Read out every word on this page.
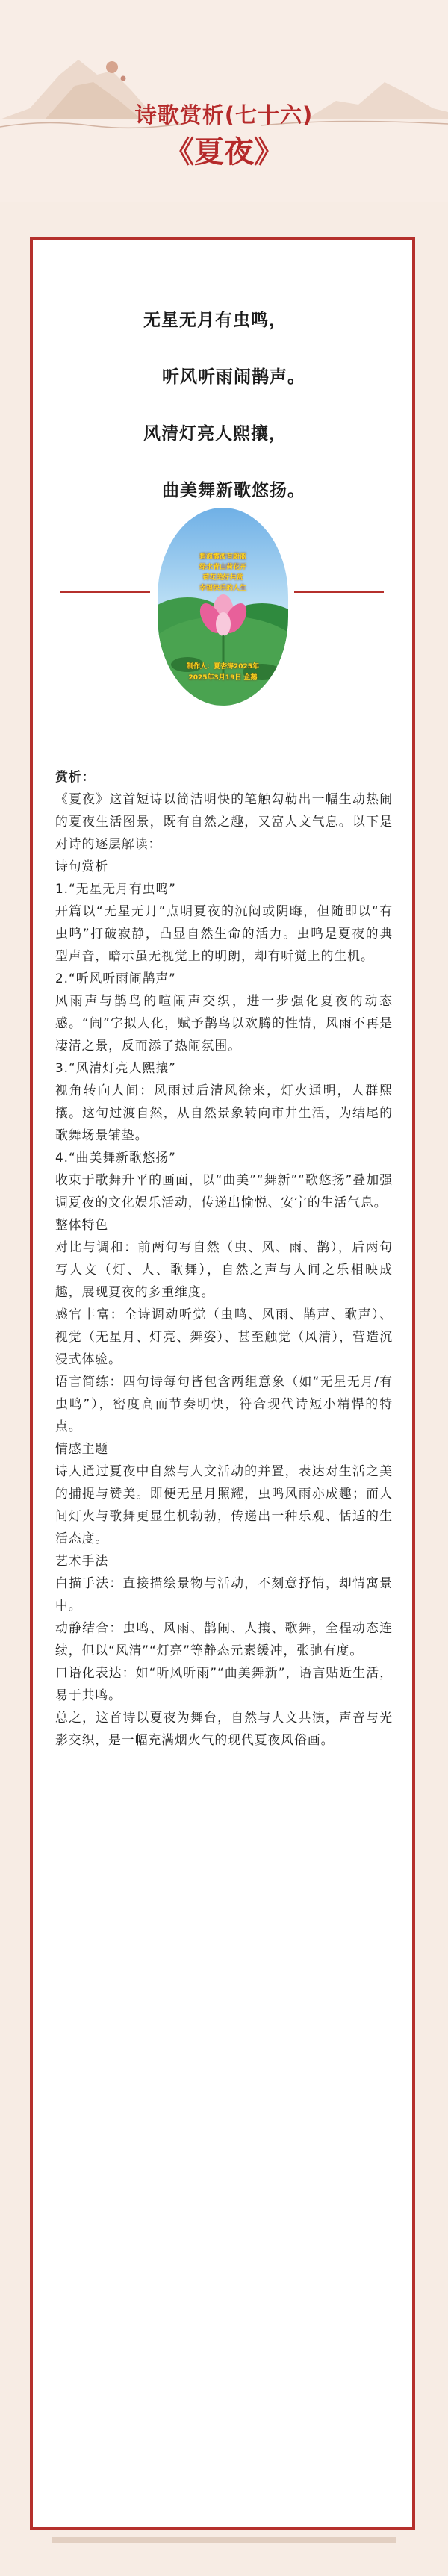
诗歌赏析(七十六)
《夏夜》
无星无月有虫鸣，
听风听雨闹鹊声。
风清灯亮人熙攘，
曲美舞新歌悠扬。
碧海霞波有蔚蓝
绿水青山荷花开
荷花美好共赏
幸福快乐的人生
制作人：夏杏涛2025年
2025年3月19日 企鹅

赏析：

《夏夜》这首短诗以简洁明快的笔触勾勒出一幅生动热闹的夏夜生活图景，既有自然之趣，又富人文气息。以下是对诗的逐层解读：

诗句赏析

1.“无星无月有虫鸣”

开篇以“无星无月”点明夏夜的沉闷或阴晦，但随即以“有虫鸣”打破寂静，凸显自然生命的活力。虫鸣是夏夜的典型声音，暗示虽无视觉上的明朗，却有听觉上的生机。

2.“听风听雨闹鹊声”

风雨声与鹊鸟的喧闹声交织，进一步强化夏夜的动态感。“闹”字拟人化，赋予鹊鸟以欢腾的性情，风雨不再是凄清之景，反而添了热闹氛围。

3.“风清灯亮人熙攘”

视角转向人间：风雨过后清风徐来，灯火通明，人群熙攘。这句过渡自然，从自然景象转向市井生活，为结尾的歌舞场景铺垫。

4.“曲美舞新歌悠扬”

收束于歌舞升平的画面，以“曲美”“舞新”“歌悠扬”叠加强调夏夜的文化娱乐活动，传递出愉悦、安宁的生活气息。

整体特色

对比与调和：前两句写自然（虫、风、雨、鹊），后两句写人文（灯、人、歌舞），自然之声与人间之乐相映成趣，展现夏夜的多重维度。

感官丰富：全诗调动听觉（虫鸣、风雨、鹊声、歌声）、视觉（无星月、灯亮、舞姿）、甚至触觉（风清），营造沉浸式体验。

语言简练：四句诗每句皆包含两组意象（如“无星无月/有虫鸣”），密度高而节奏明快，符合现代诗短小精悍的特点。

情感主题

诗人通过夏夜中自然与人文活动的并置，表达对生活之美的捕捉与赞美。即便无星月照耀，虫鸣风雨亦成趣；而人间灯火与歌舞更显生机勃勃，传递出一种乐观、恬适的生活态度。

艺术手法

白描手法：直接描绘景物与活动，不刻意抒情，却情寓景中。

动静结合：虫鸣、风雨、鹊闹、人攘、歌舞，全程动态连续，但以“风清”“灯亮”等静态元素缓冲，张弛有度。

口语化表达：如“听风听雨”“曲美舞新”，语言贴近生活，易于共鸣。

总之，这首诗以夏夜为舞台，自然与人文共演，声音与光影交织，是一幅充满烟火气的现代夏夜风俗画。
